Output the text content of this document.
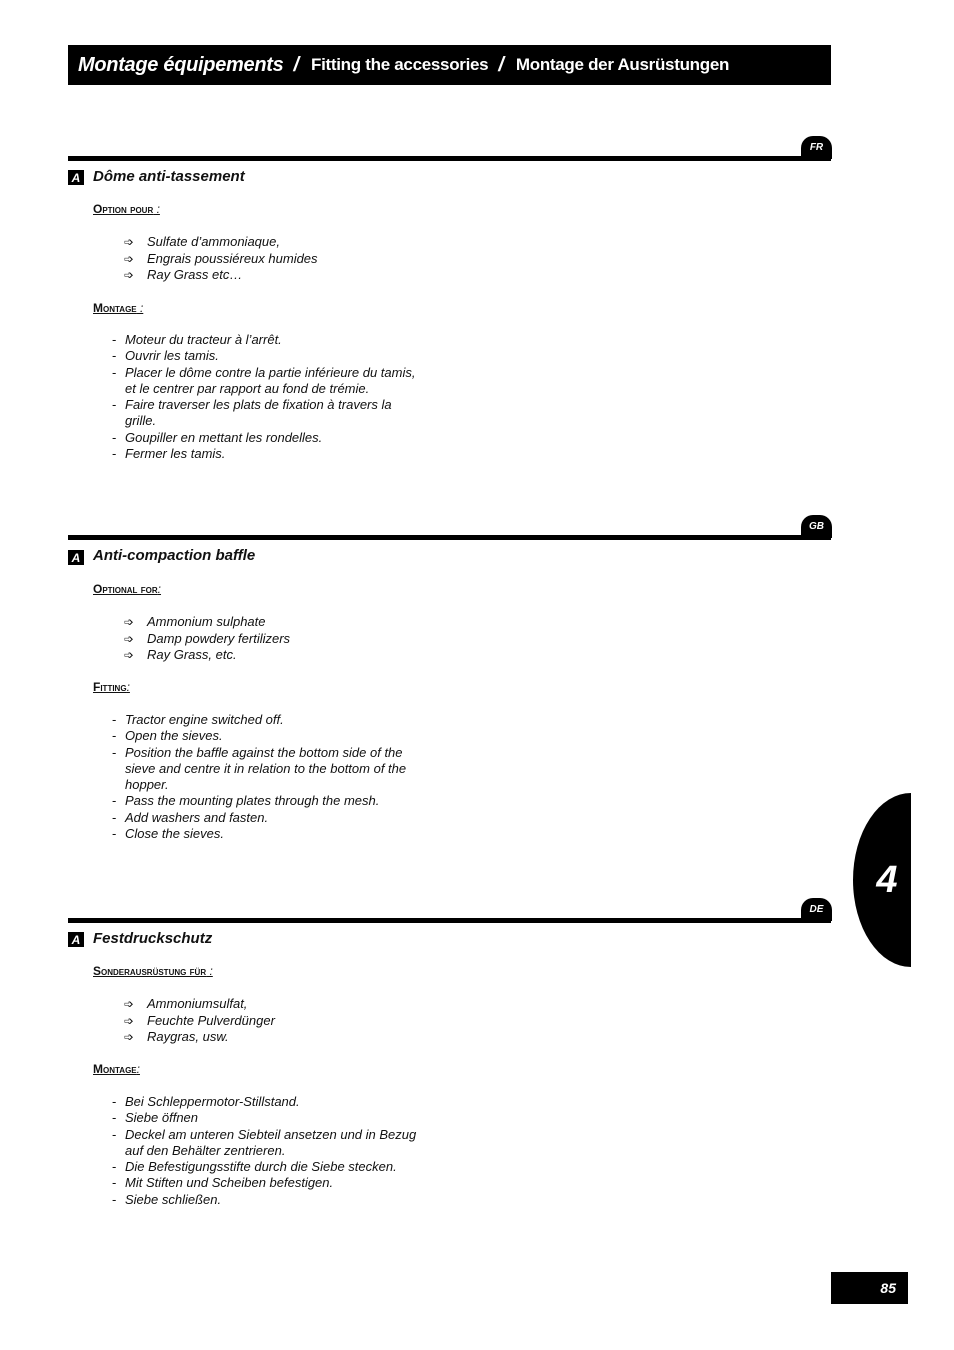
Montage équipements / Fitting the accessories / Montage der Ausrüstungen
FR
A Dôme anti-tassement
Option pour :
➩ Sulfate d’ammoniaque,
➩ Engrais poussiéreux humides
➩ Ray Grass etc…
Montage :
- Moteur du tracteur à l’arrêt.
- Ouvrir les tamis.
- Placer le dôme contre la partie inférieure du tamis, et le centrer par rapport au fond de trémie.
- Faire traverser les plats de fixation à travers la grille.
- Goupiller en mettant les rondelles.
- Fermer les tamis.
GB
A Anti-compaction baffle
Optional for:
➩ Ammonium sulphate
➩ Damp powdery fertilizers
➩ Ray Grass, etc.
Fitting:
- Tractor engine switched off.
- Open the sieves.
- Position the baffle against the bottom side of the sieve and centre it in relation to the bottom of the hopper.
- Pass the mounting plates through the mesh.
- Add washers and fasten.
- Close the sieves.
DE
A Festdruckschutz
Sonderausrüstung für :
➩ Ammoniumsulfat,
➩ Feuchte Pulverdünger
➩ Raygras, usw.
Montage:
- Bei Schleppermotor-Stillstand.
- Siebe öffnen
- Deckel am unteren Siebteil ansetzen und in Bezug auf den Behälter zentrieren.
- Die Befestigungsstifte durch die Siebe stecken.
- Mit Stiften und Scheiben befestigen.
- Siebe schließen.
4
85
